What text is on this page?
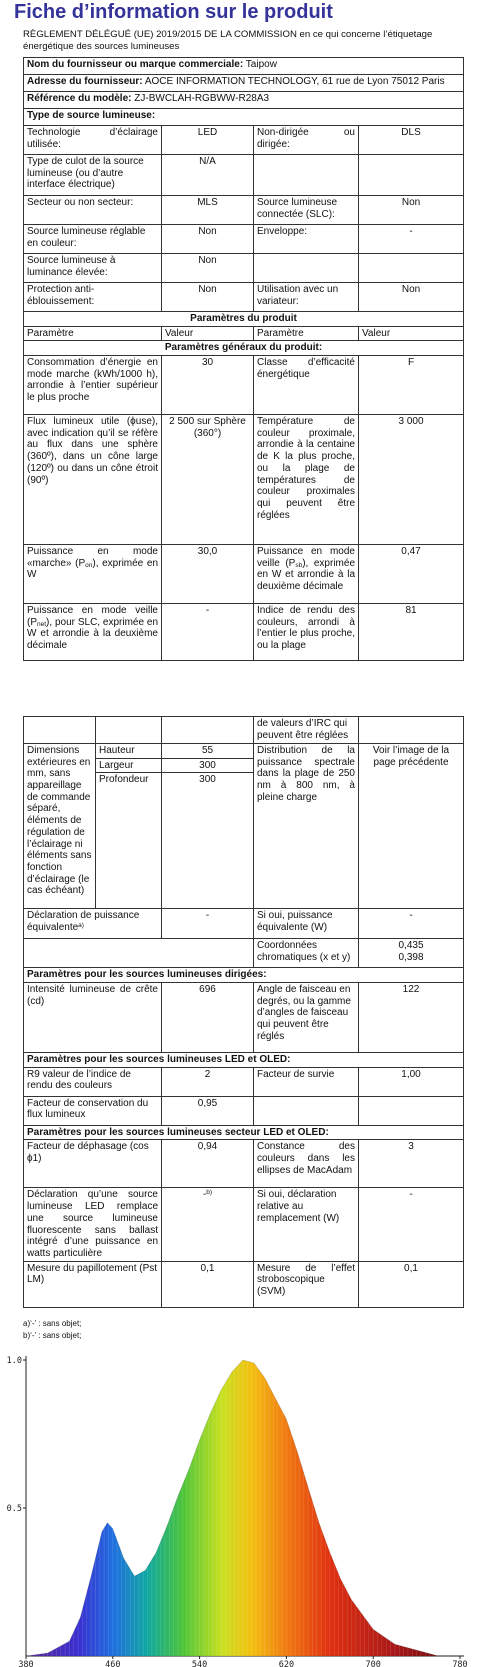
Fiche d’information sur le produit
RÈGLEMENT DÉLÉGUÉ (UE) 2019/2015 DE LA COMMISSION en ce qui concerne l’étiquetage énergétique des sources lumineuses
Nom du fournisseur ou marque commerciale: Taipow			
Adresse du fournisseur: AOCE INFORMATION TECHNOLOGY, 61 rue de Lyon 75012 Paris			
Référence du modèle: ZJ-BWCLAH-RGBWW-R28A3			
Type de source lumineuse:			
Technologie d’éclairage utilisée:	LED	Non-dirigée ou dirigée:	DLS
Type de culot de la source lumineuse (ou d’autre interface électrique)	N/A		
Secteur ou non secteur:	MLS	Source lumineuse connectée (SLC):	Non
Source lumineuse réglable en couleur:	Non	Enveloppe:	-
Source lumineuse à luminance élevée:	Non		
Protection anti-éblouissement:	Non	Utilisation avec un variateur:	Non
Paramètres du produit			
Paramètre	Valeur	Paramètre	Valeur
Paramètres généraux du produit:			
Consommation d’énergie en mode marche (kWh/1000 h), arrondie à l’entier supérieur le plus proche	30	Classe d’efficacité énergétique	F
Flux lumineux utile (ϕuse), avec indication qu’il se réfère au flux dans une sphère (360º), dans un cône large (120º) ou dans un cône étroit (90º)	2 500 sur Sphère (360°)	Température de couleur proximale, arrondie à la centaine de K la plus proche, ou la plage de températures de couleur proximales qui peuvent être réglées	3 000
Puissance en mode «marche» (Pon), exprimée en W	30,0	Puissance en mode veille (Psb), exprimée en W et arrondie à la deuxième décimale	0,47
Puissance en mode veille (Pnet), pour SLC, exprimée en W et arrondie à la deuxième décimale	-	Indice de rendu des couleurs, arrondi à l’entier le plus proche, ou la plage	81
			de valeurs d’IRC qui peuvent être réglées	
Dimensions extérieures en mm, sans appareillage de commande séparé, éléments de régulation de l’éclairage ni éléments sans fonction d’éclairage (le cas échéant)	Hauteur	55	Distribution de la puissance spectrale dans la plage de 250 nm à 800 nm, à pleine charge	Voir l’image de la page précédente
	Largeur	300		
	Profondeur	300		
Déclaration de puissance équivalente$^{a)}$		-	Si oui, puissance équivalente (W)	-
			Coordonnées chromatiques (x et y)	0,435
0,398

Paramètres pour les sources lumineuses dirigées:				
Intensité lumineuse de crête (cd)		696	Angle de faisceau en degrés, ou la gamme d’angles de faisceau qui peuvent être réglés	122
Paramètres pour les sources lumineuses LED et OLED:				
R9 valeur de l’indice de rendu des couleurs		2	Facteur de survie	1,00
Facteur de conservation du flux lumineux		0,95		
Paramètres pour les sources lumineuses secteur LED et OLED:				
Facteur de déphasage (cos ϕ1)		0,94	Constance des couleurs dans les ellipses de MacAdam	3
Déclaration qu’une source lumineuse LED remplace une source lumineuse fluorescente sans ballast intégré d’une puissance en watts particulière		-$^{b)}$	Si oui, déclaration relative au remplacement (W)	-
Mesure du papillotement (Pst LM)		0,1	Mesure de l’effet stroboscopique (SVM)	0,1
a)‘-’ : sans objet;
b)‘-’ : sans objet;
380	460	540	620	700	780
1.0
0.5
